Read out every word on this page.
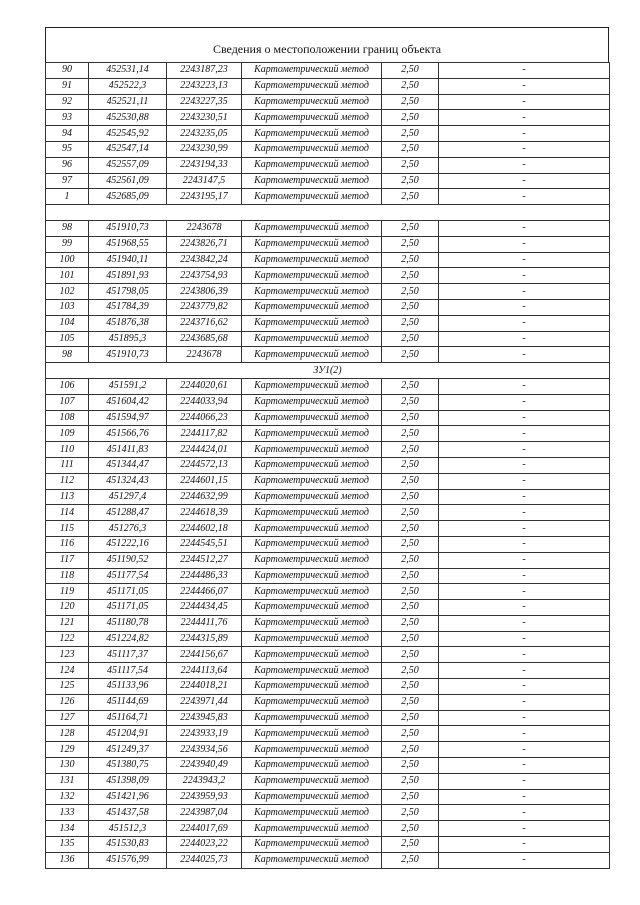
Сведения о местоположении границ объекта
90	452531,14	2243187,23	Картометрический метод	2,50	-
91	452522,3	2243223,13	Картометрический метод	2,50	-
92	452521,11	2243227,35	Картометрический метод	2,50	-
93	452530,88	2243230,51	Картометрический метод	2,50	-
94	452545,92	2243235,05	Картометрический метод	2,50	-
95	452547,14	2243230,99	Картометрический метод	2,50	-
96	452557,09	2243194,33	Картометрический метод	2,50	-
97	452561,09	2243147,5	Картометрический метод	2,50	-
1	452685,09	2243195,17	Картометрический метод	2,50	-

98	451910,73	2243678	Картометрический метод	2,50	-
99	451968,55	2243826,71	Картометрический метод	2,50	-
100	451940,11	2243842,24	Картометрический метод	2,50	-
101	451891,93	2243754,93	Картометрический метод	2,50	-
102	451798,05	2243806,39	Картометрический метод	2,50	-
103	451784,39	2243779,82	Картометрический метод	2,50	-
104	451876,38	2243716,62	Картометрический метод	2,50	-
105	451895,3	2243685,68	Картометрический метод	2,50	-
98	451910,73	2243678	Картометрический метод	2,50	-
ЗУ1(2)					
106	451591,2	2244020,61	Картометрический метод	2,50	-
107	451604,42	2244033,94	Картометрический метод	2,50	-
108	451594,97	2244066,23	Картометрический метод	2,50	-
109	451566,76	2244117,82	Картометрический метод	2,50	-
110	451411,83	2244424,01	Картометрический метод	2,50	-
111	451344,47	2244572,13	Картометрический метод	2,50	-
112	451324,43	2244601,15	Картометрический метод	2,50	-
113	451297,4	2244632,99	Картометрический метод	2,50	-
114	451288,47	2244618,39	Картометрический метод	2,50	-
115	451276,3	2244602,18	Картометрический метод	2,50	-
116	451222,16	2244545,51	Картометрический метод	2,50	-
117	451190,52	2244512,27	Картометрический метод	2,50	-
118	451177,54	2244486,33	Картометрический метод	2,50	-
119	451171,05	2244466,07	Картометрический метод	2,50	-
120	451171,05	2244434,45	Картометрический метод	2,50	-
121	451180,78	2244411,76	Картометрический метод	2,50	-
122	451224,82	2244315,89	Картометрический метод	2,50	-
123	451117,37	2244156,67	Картометрический метод	2,50	-
124	451117,54	2244113,64	Картометрический метод	2,50	-
125	451133,96	2244018,21	Картометрический метод	2,50	-
126	451144,69	2243971,44	Картометрический метод	2,50	-
127	451164,71	2243945,83	Картометрический метод	2,50	-
128	451204,91	2243933,19	Картометрический метод	2,50	-
129	451249,37	2243934,56	Картометрический метод	2,50	-
130	451380,75	2243940,49	Картометрический метод	2,50	-
131	451398,09	2243943,2	Картометрический метод	2,50	-
132	451421,96	2243959,93	Картометрический метод	2,50	-
133	451437,58	2243987,04	Картометрический метод	2,50	-
134	451512,3	2244017,69	Картометрический метод	2,50	-
135	451530,83	2244023,22	Картометрический метод	2,50	-
136	451576,99	2244025,73	Картометрический метод	2,50	-
